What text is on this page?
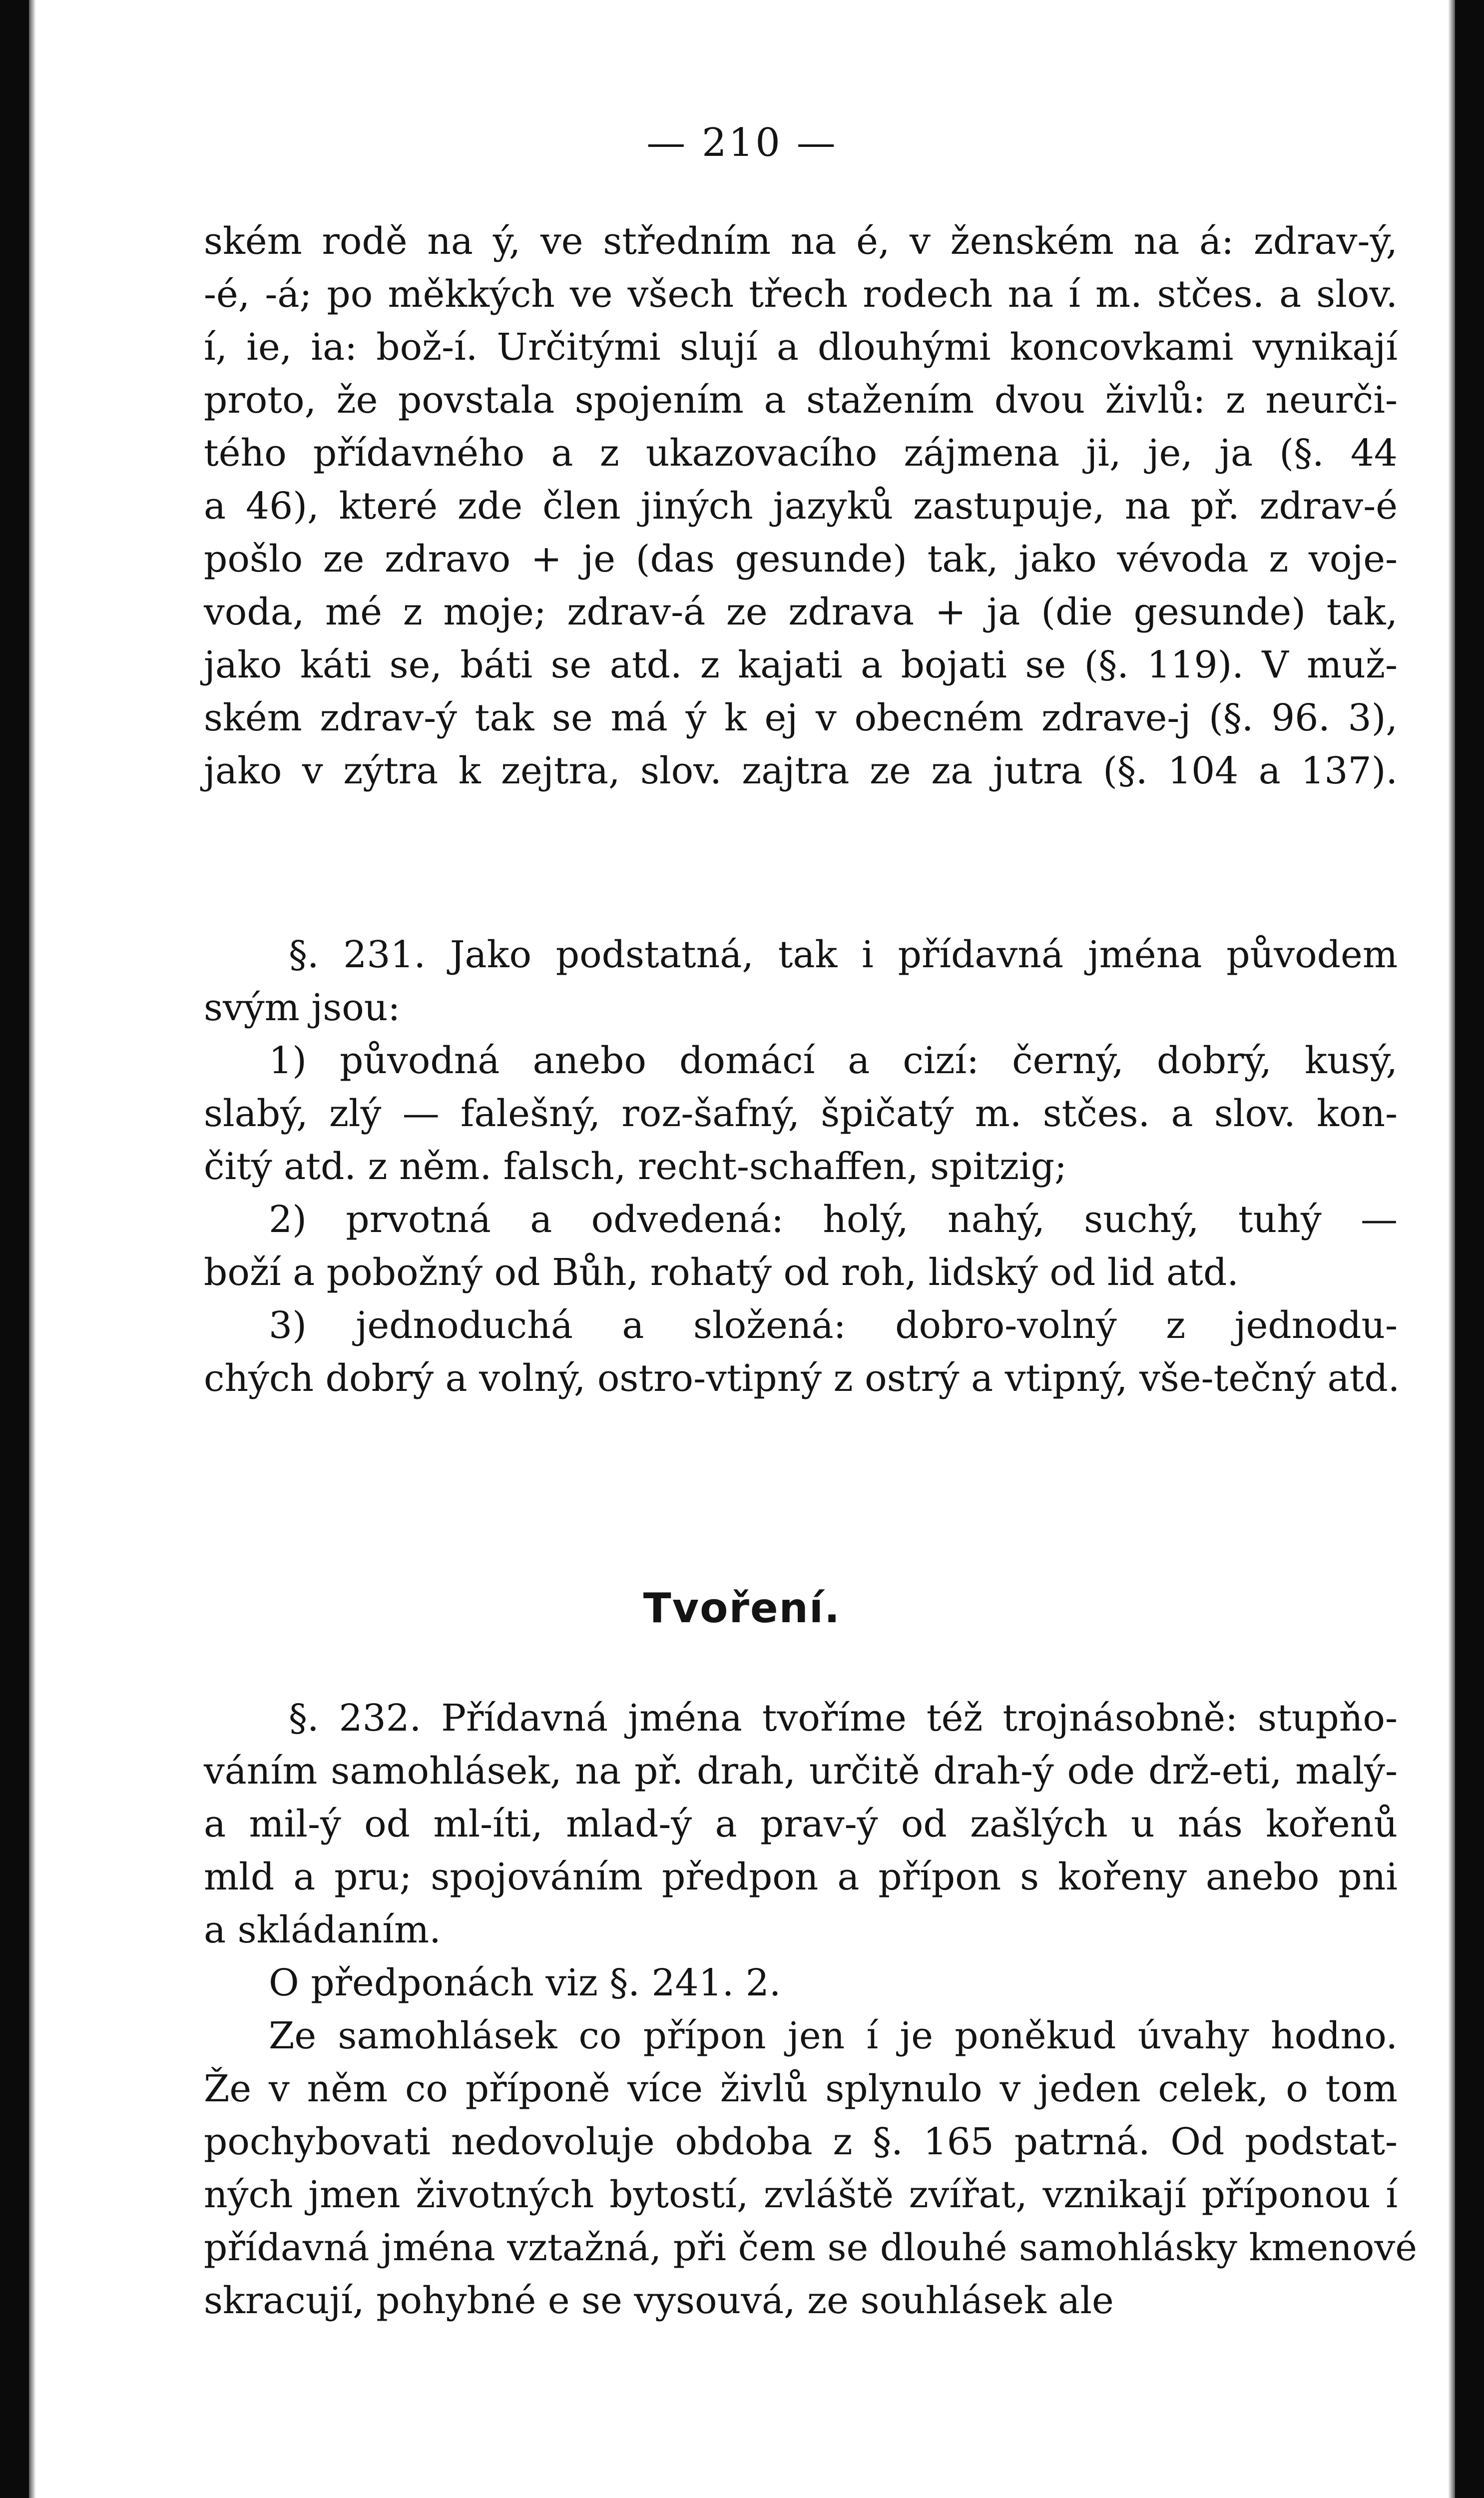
— 210 —
ském rodě na ý, ve středním na é, v ženském na á: zdrav-ý,
-é, -á; po měkkých ve všech třech rodech na í m. stčes. a slov.
í, ie, ia: bož-í. Určitými slují a dlouhými koncovkami vynikají
proto, že povstala spojením a stažením dvou živlů: z neurči-
tého přídavného a z ukazovacího zájmena ji, je, ja (§. 44
a 46), které zde člen jiných jazyků zastupuje, na př. zdrav-é
pošlo ze zdravo + je (das gesunde) tak, jako vévoda z voje-
voda, mé z moje; zdrav-á ze zdrava + ja (die gesunde) tak,
jako káti se, báti se atd. z kajati a bojati se (§. 119). V muž-
ském zdrav-ý tak se má ý k ej v obecném zdrave-j (§. 96. 3),
jako v zýtra k zejtra, slov. zajtra ze za jutra (§. 104 a 137).
§. 231. Jako podstatná, tak i přídavná jména původem
svým jsou:
1) původná anebo domácí a cizí: černý, dobrý, kusý,
slabý, zlý — falešný, roz-šafný, špičatý m. stčes. a slov. kon-
čitý atd. z něm. falsch, recht-schaffen, spitzig;
2) prvotná a odvedená: holý, nahý, suchý, tuhý —
boží a pobožný od Bůh, rohatý od roh, lidský od lid atd.
3) jednoduchá a složená: dobro-volný z jednodu-
chých dobrý a volný, ostro-vtipný z ostrý a vtipný, vše-tečný atd.
Tvoření.
§. 232. Přídavná jména tvoříme též trojnásobně: stupňo-
váním samohlásek, na př. drah, určitě drah-ý ode drž-eti, malý-
a mil-ý od ml-íti, mlad-ý a prav-ý od zašlých u nás kořenů
mld a pru; spojováním předpon a přípon s kořeny anebo pni
a skládaním.
O předponách viz §. 241. 2.
Ze samohlásek co přípon jen í je poněkud úvahy hodno.
Že v něm co příponě více živlů splynulo v jeden celek, o tom
pochybovati nedovoluje obdoba z §. 165 patrná. Od podstat-
ných jmen životných bytostí, zvláště zvířat, vznikají příponou í
přídavná jména vztažná, při čem se dlouhé samohlásky kmenové
skracují, pohybné e se vysouvá, ze souhlásek ale
